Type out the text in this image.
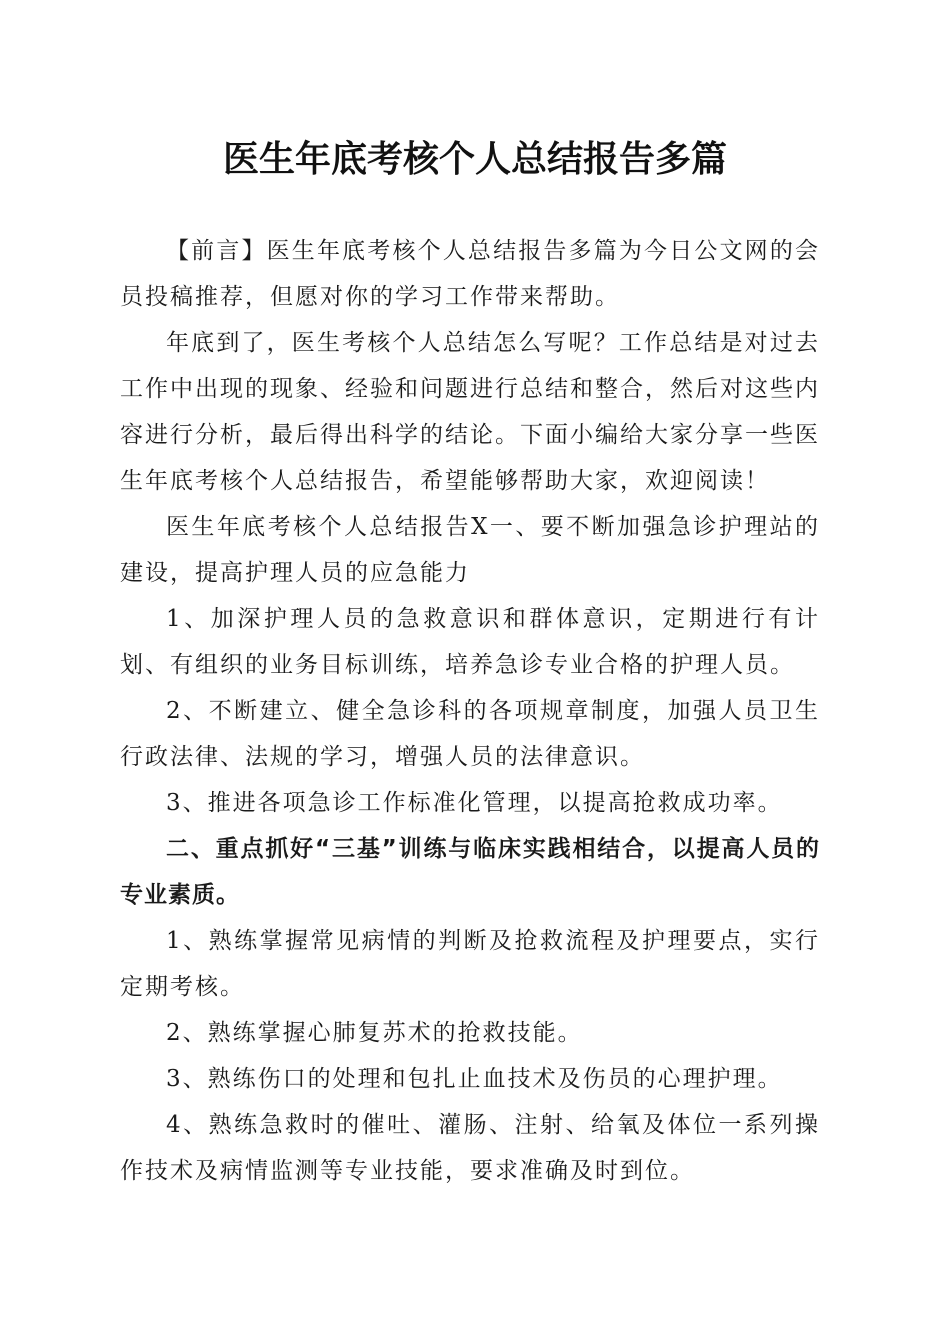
医生年底考核个人总结报告多篇

【前言】医生年底考核个人总结报告多篇为今日公文网的会员投稿推荐，但愿对你的学习工作带来帮助。

年底到了，医生考核个人总结怎么写呢？工作总结是对过去工作中出现的现象、经验和问题进行总结和整合，然后对这些内容进行分析，最后得出科学的结论。下面小编给大家分享一些医生年底考核个人总结报告，希望能够帮助大家，欢迎阅读！

医生年底考核个人总结报告X一、要不断加强急诊护理站的建设，提高护理人员的应急能力

1、加深护理人员的急救意识和群体意识，定期进行有计划、有组织的业务目标训练，培养急诊专业合格的护理人员。

2、不断建立、健全急诊科的各项规章制度，加强人员卫生行政法律、法规的学习，增强人员的法律意识。

3、推进各项急诊工作标准化管理，以提高抢救成功率。

二、重点抓好“三基”训练与临床实践相结合，以提高人员的专业素质。

1、熟练掌握常见病情的判断及抢救流程及护理要点，实行定期考核。

2、熟练掌握心肺复苏术的抢救技能。

3、熟练伤口的处理和包扎止血技术及伤员的心理护理。

4、熟练急救时的催吐、灌肠、注射、给氧及体位一系列操作技术及病情监测等专业技能，要求准确及时到位。
